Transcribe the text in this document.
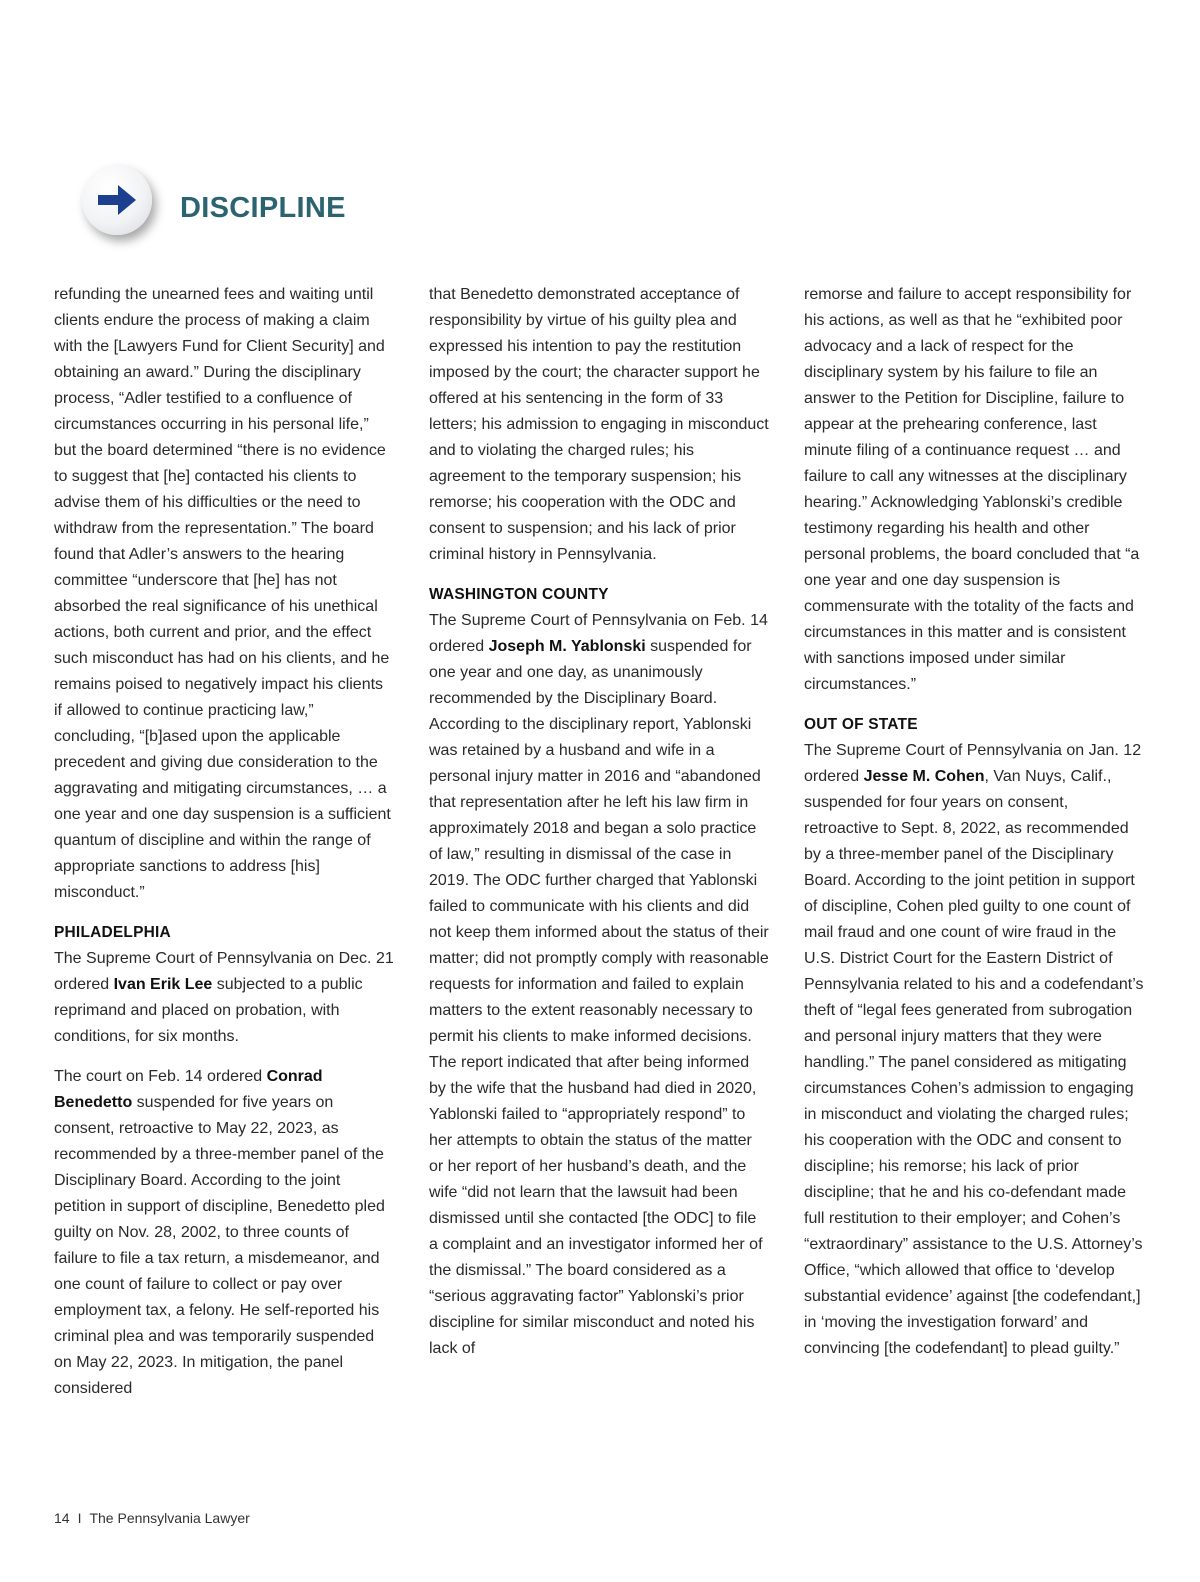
DISCIPLINE

refunding the unearned fees and waiting until clients endure the process of making a claim with the [Lawyers Fund for Client Security] and obtaining an award.” During the disciplinary process, “Adler testified to a confluence of circumstances occurring in his personal life,” but the board determined “there is no evidence to suggest that [he] contacted his clients to advise them of his difficulties or the need to withdraw from the representation.” The board found that Adler’s answers to the hearing committee “underscore that [he] has not absorbed the real significance of his unethical actions, both current and prior, and the effect such misconduct has had on his clients, and he remains poised to negatively impact his clients if allowed to continue practicing law,” concluding, “[b]ased upon the applicable precedent and giving due consideration to the aggravating and mitigating circumstances, … a one year and one day suspension is a sufficient quantum of discipline and within the range of appropriate sanctions to address [his] misconduct.”

PHILADELPHIA

The Supreme Court of Pennsylvania on Dec. 21 ordered Ivan Erik Lee subjected to a public reprimand and placed on probation, with conditions, for six months.

The court on Feb. 14 ordered Conrad Benedetto suspended for five years on consent, retroactive to May 22, 2023, as recommended by a three-member panel of the Disciplinary Board. According to the joint petition in support of discipline, Benedetto pled guilty on Nov. 28, 2002, to three counts of failure to file a tax return, a misdemeanor, and one count of failure to collect or pay over employment tax, a felony. He self-reported his criminal plea and was temporarily suspended on May 22, 2023. In mitigation, the panel considered

that Benedetto demonstrated acceptance of responsibility by virtue of his guilty plea and expressed his intention to pay the restitution imposed by the court; the character support he offered at his sentencing in the form of 33 letters; his admission to engaging in misconduct and to violating the charged rules; his agreement to the temporary suspension; his remorse; his cooperation with the ODC and consent to suspension; and his lack of prior criminal history in Pennsylvania.

WASHINGTON COUNTY

The Supreme Court of Pennsylvania on Feb. 14 ordered Joseph M. Yablonski suspended for one year and one day, as unanimously recommended by the Disciplinary Board. According to the disciplinary report, Yablonski was retained by a husband and wife in a personal injury matter in 2016 and “abandoned that representation after he left his law firm in approximately 2018 and began a solo practice of law,” resulting in dismissal of the case in 2019. The ODC further charged that Yablonski failed to communicate with his clients and did not keep them informed about the status of their matter; did not promptly comply with reasonable requests for information and failed to explain matters to the extent reasonably necessary to permit his clients to make informed decisions. The report indicated that after being informed by the wife that the husband had died in 2020, Yablonski failed to “appropriately respond” to her attempts to obtain the status of the matter or her report of her husband’s death, and the wife “did not learn that the lawsuit had been dismissed until she contacted [the ODC] to file a complaint and an investigator informed her of the dismissal.” The board considered as a “serious aggravating factor” Yablonski’s prior discipline for similar misconduct and noted his lack of

remorse and failure to accept responsibility for his actions, as well as that he “exhibited poor advocacy and a lack of respect for the disciplinary system by his failure to file an answer to the Petition for Discipline, failure to appear at the prehearing conference, last minute filing of a continuance request … and failure to call any witnesses at the disciplinary hearing.” Acknowledging Yablonski’s credible testimony regarding his health and other personal problems, the board concluded that “a one year and one day suspension is commensurate with the totality of the facts and circumstances in this matter and is consistent with sanctions imposed under similar circumstances.”

OUT OF STATE

The Supreme Court of Pennsylvania on Jan. 12 ordered Jesse M. Cohen, Van Nuys, Calif., suspended for four years on consent, retroactive to Sept. 8, 2022, as recommended by a three-member panel of the Disciplinary Board. According to the joint petition in support of discipline, Cohen pled guilty to one count of mail fraud and one count of wire fraud in the U.S. District Court for the Eastern District of Pennsylvania related to his and a codefendant’s theft of “legal fees generated from subrogation and personal injury matters that they were handling.” The panel considered as mitigating circumstances Cohen’s admission to engaging in misconduct and violating the charged rules; his cooperation with the ODC and consent to discipline; his remorse; his lack of prior discipline; that he and his co-defendant made full restitution to their employer; and Cohen’s “extraordinary” assistance to the U.S. Attorney’s Office, “which allowed that office to ‘develop substantial evidence’ against [the codefendant,] in ‘moving the investigation forward’ and convincing [the codefendant] to plead guilty.”

14 I The Pennsylvania Lawyer
